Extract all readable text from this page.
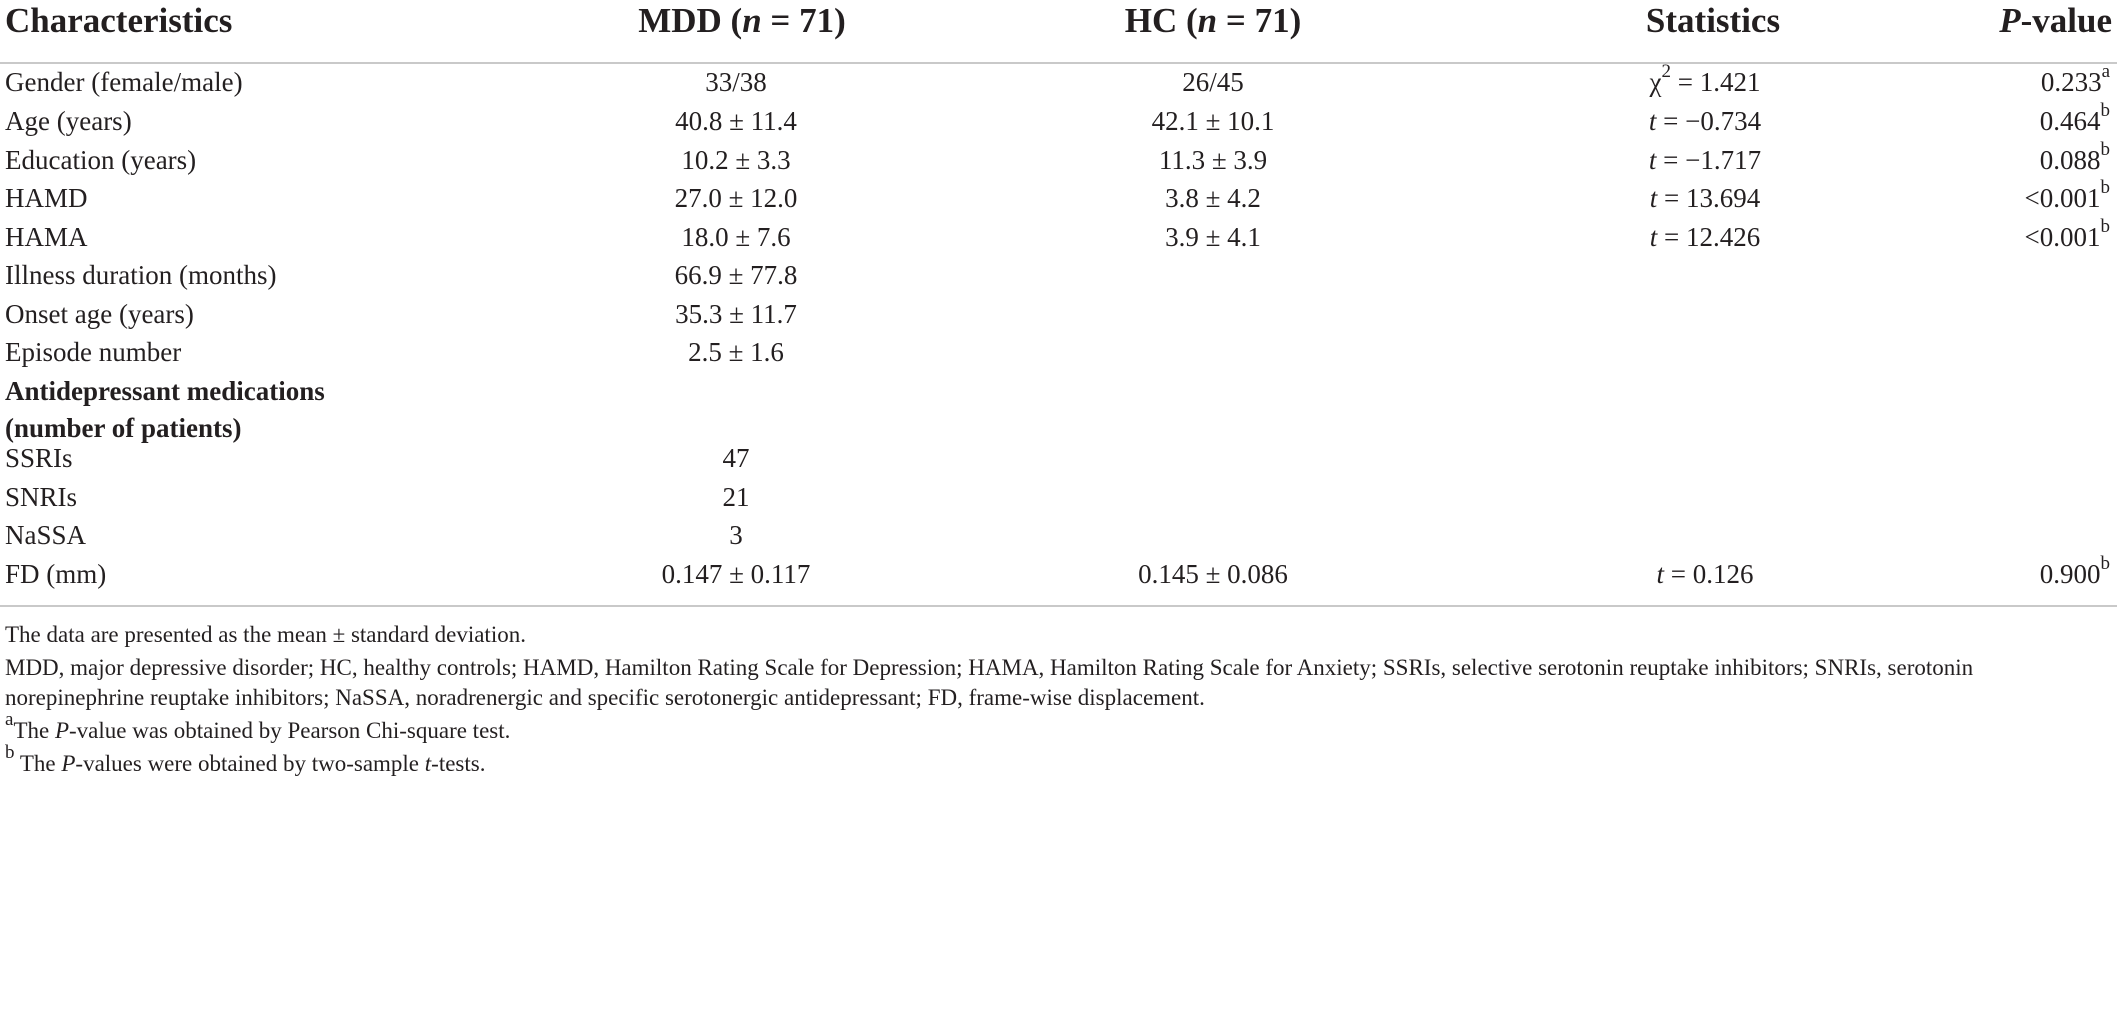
Characteristics	MDD (n = 71)	HC (n = 71)	Statistics	P-value
Gender (female/male)	33/38	26/45	$\chi^2 = 1.421$	0.233$^a$
Age (years)	40.8 ± 11.4	42.1 ± 10.1	t = −0.734	0.464$^b$
Education (years)	10.2 ± 3.3	11.3 ± 3.9	t = −1.717	0.088$^b$
HAMD	27.0 ± 12.0	3.8 ± 4.2	t = 13.694	<0.001$^b$
HAMA	18.0 ± 7.6	3.9 ± 4.1	t = 12.426	<0.001$^b$
Illness duration (months)	66.9 ± 77.8
Onset age (years)	35.3 ± 11.7
Episode number	2.5 ± 1.6
Antidepressant medications
(number of patients)
SSRIs	47
SNRIs	21
NaSSA	3
FD (mm)	0.147 ± 0.117	0.145 ± 0.086	t = 0.126	0.900$^b$
The data are presented as the mean ± standard deviation.
MDD, major depressive disorder; HC, healthy controls; HAMD, Hamilton Rating Scale for Depression; HAMA, Hamilton Rating Scale for Anxiety; SSRIs, selective serotonin reuptake inhibitors; SNRIs, serotonin norepinephrine reuptake inhibitors; NaSSA, noradrenergic and specific serotonergic antidepressant; FD, frame-wise displacement.
$^a$The P-value was obtained by Pearson Chi-square test.
$^b$ The P-values were obtained by two-sample t-tests.
